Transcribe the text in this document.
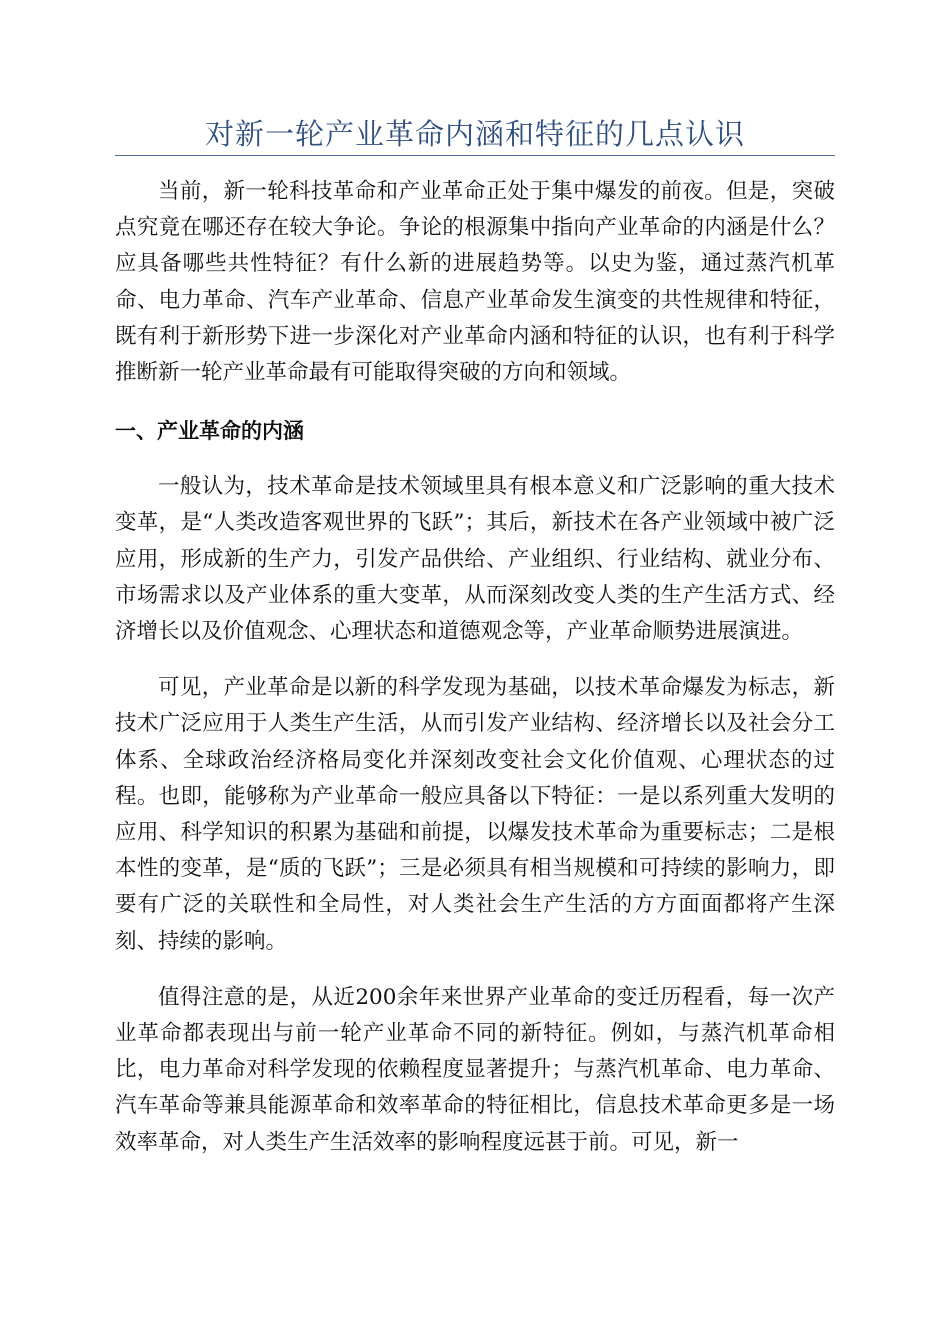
对新一轮产业革命内涵和特征的几点认识

当前，新一轮科技革命和产业革命正处于集中爆发的前夜。但是，突破点究竟在哪还存在较大争论。争论的根源集中指向产业革命的内涵是什么？应具备哪些共性特征？有什么新的进展趋势等。以史为鉴，通过蒸汽机革命、电力革命、汽车产业革命、信息产业革命发生演变的共性规律和特征，既有利于新形势下进一步深化对产业革命内涵和特征的认识，也有利于科学推断新一轮产业革命最有可能取得突破的方向和领域。

一、产业革命的内涵

一般认为，技术革命是技术领域里具有根本意义和广泛影响的重大技术变革，是“人类改造客观世界的飞跃”；其后，新技术在各产业领域中被广泛应用，形成新的生产力，引发产品供给、产业组织、行业结构、就业分布、市场需求以及产业体系的重大变革，从而深刻改变人类的生产生活方式、经济增长以及价值观念、心理状态和道德观念等，产业革命顺势进展演进。

可见，产业革命是以新的科学发现为基础，以技术革命爆发为标志，新技术广泛应用于人类生产生活，从而引发产业结构、经济增长以及社会分工体系、全球政治经济格局变化并深刻改变社会文化价值观、心理状态的过程。也即，能够称为产业革命一般应具备以下特征：一是以系列重大发明的应用、科学知识的积累为基础和前提，以爆发技术革命为重要标志；二是根本性的变革，是“质的飞跃”；三是必须具有相当规模和可持续的影响力，即要有广泛的关联性和全局性，对人类社会生产生活的方方面面都将产生深刻、持续的影响。

值得注意的是，从近200余年来世界产业革命的变迁历程看，每一次产业革命都表现出与前一轮产业革命不同的新特征。例如，与蒸汽机革命相比，电力革命对科学发现的依赖程度显著提升；与蒸汽机革命、电力革命、汽车革命等兼具能源革命和效率革命的特征相比，信息技术革命更多是一场效率革命，对人类生产生活效率的影响程度远甚于前。可见，新一
